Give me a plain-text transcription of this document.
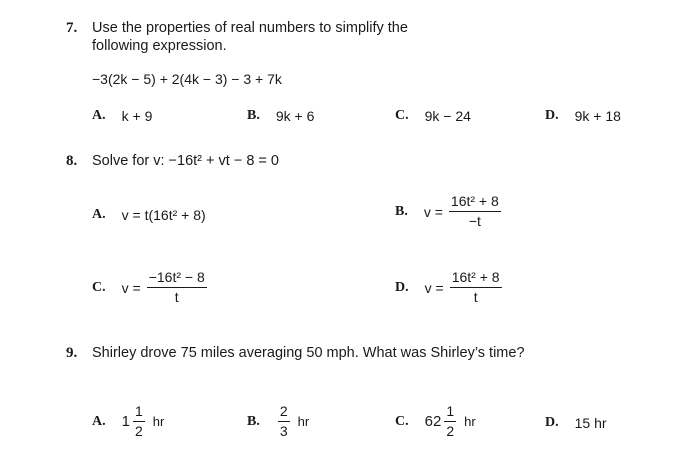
7. Use the properties of real numbers to simplify the
following expression.
−3(2k − 5) + 2(4k − 3) − 3 + 7k
A. k + 9	B. 9k + 6	C. 9k − 24	D. 9k + 18
8. Solve for v: −16t² + vt − 8 = 0
A. v = t(16t² + 8)	B. $v = \frac{\text{16t² + 8}}{-t}$
C. $v = \frac{\text{−16t² − 8}}{t}$	D. $v = \frac{\text{16t² + 8}}{t}$
9. Shirley drove 75 miles averaging 50 mph. What was Shirley’s time?
A. $1 \frac{1}{2}$ hr	B. $\frac{2}{3}$ hr	C. $62 \frac{1}{2}$ hr	D. 15 hr
